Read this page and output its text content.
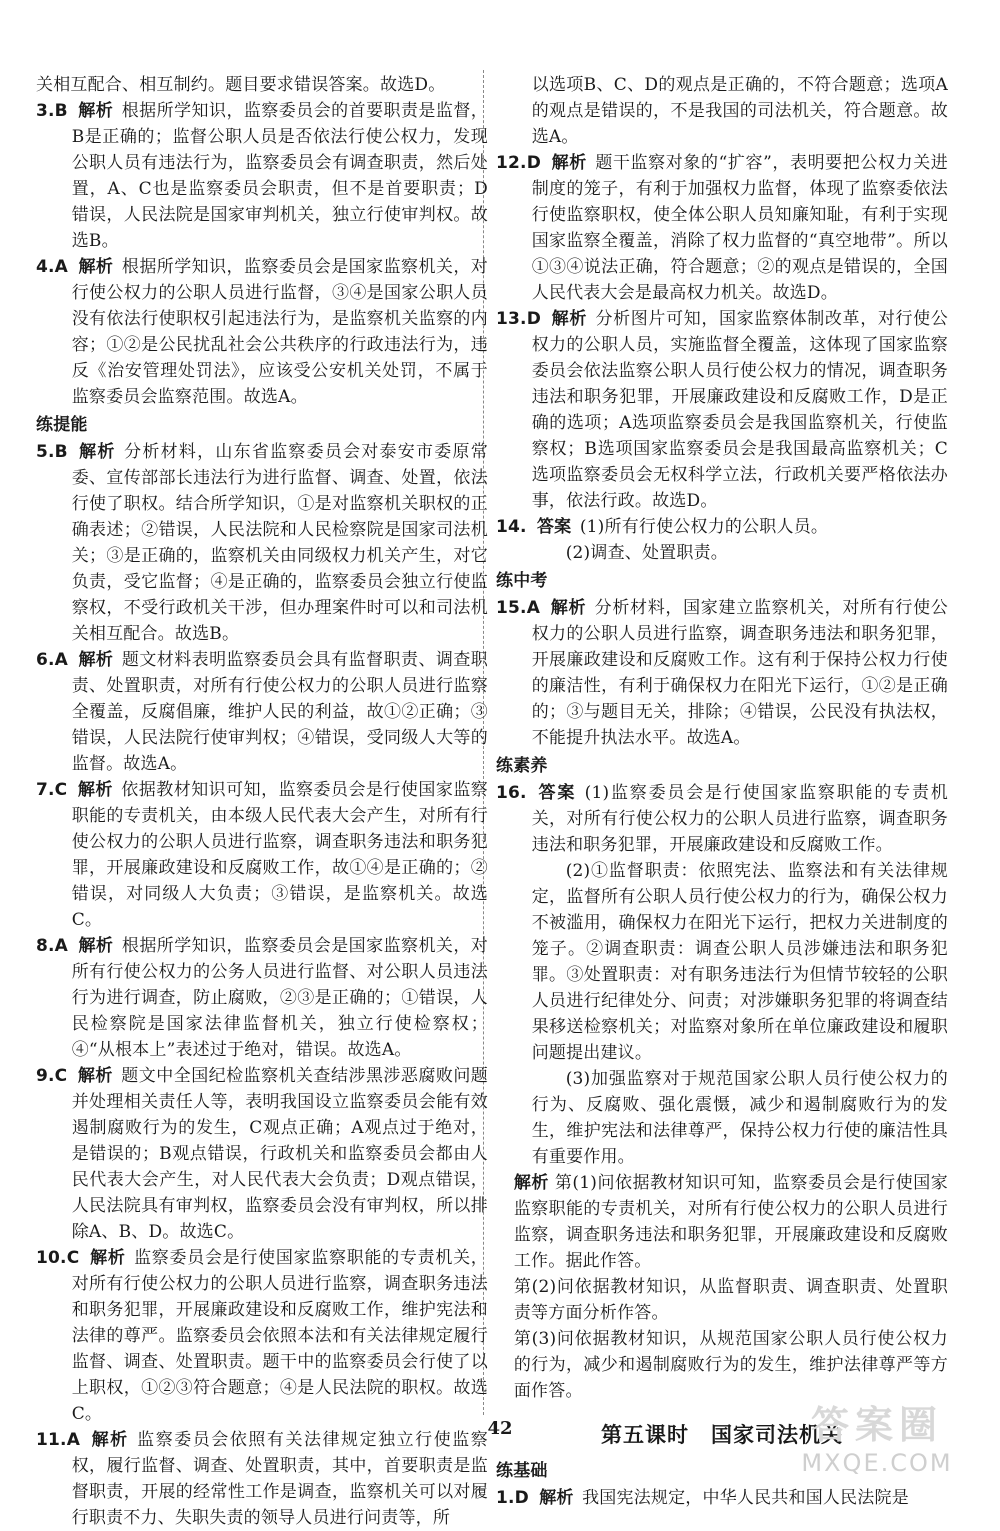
关相互配合、相互制约。题目要求错误答案。故选D。

3.B 解析 根据所学知识，监察委员会的首要职责是监督，B是正确的；监督公职人员是否依法行使公权力，发现公职人员有违法行为，监察委员会有调查职责，然后处置，A、C也是监察委员会职责，但不是首要职责；D错误，人民法院是国家审判机关，独立行使审判权。故选B。

4.A 解析 根据所学知识，监察委员会是国家监察机关，对行使公权力的公职人员进行监督，③④是国家公职人员没有依法行使职权引起违法行为，是监察机关监察的内容；①②是公民扰乱社会公共秩序的行政违法行为，违反《治安管理处罚法》，应该受公安机关处罚，不属于监察委员会监察范围。故选A。

练提能

5.B 解析 分析材料，山东省监察委员会对泰安市委原常委、宣传部部长违法行为进行监督、调查、处置，依法行使了职权。结合所学知识，①是对监察机关职权的正确表述；②错误，人民法院和人民检察院是国家司法机关；③是正确的，监察机关由同级权力机关产生，对它负责，受它监督；④是正确的，监察委员会独立行使监察权，不受行政机关干涉，但办理案件时可以和司法机关相互配合。故选B。

6.A 解析 题文材料表明监察委员会具有监督职责、调查职责、处置职责，对所有行使公权力的公职人员进行监察全覆盖，反腐倡廉，维护人民的利益，故①②正确；③错误，人民法院行使审判权；④错误，受同级人大等的监督。故选A。

7.C 解析 依据教材知识可知，监察委员会是行使国家监察职能的专责机关，由本级人民代表大会产生，对所有行使公权力的公职人员进行监察，调查职务违法和职务犯罪，开展廉政建设和反腐败工作，故①④是正确的；②错误，对同级人大负责；③错误，是监察机关。故选C。

8.A 解析 根据所学知识，监察委员会是国家监察机关，对所有行使公权力的公务人员进行监督、对公职人员违法行为进行调查，防止腐败，②③是正确的；①错误，人民检察院是国家法律监督机关，独立行使检察权；④“从根本上”表述过于绝对，错误。故选A。

9.C 解析 题文中全国纪检监察机关查结涉黑涉恶腐败问题并处理相关责任人等，表明我国设立监察委员会能有效遏制腐败行为的发生，C观点正确；A观点过于绝对，是错误的；B观点错误，行政机关和监察委员会都由人民代表大会产生，对人民代表大会负责；D观点错误，人民法院具有审判权，监察委员会没有审判权，所以排除A、B、D。故选C。

10.C 解析 监察委员会是行使国家监察职能的专责机关，对所有行使公权力的公职人员进行监察，调查职务违法和职务犯罪，开展廉政建设和反腐败工作，维护宪法和法律的尊严。监察委员会依照本法和有关法律规定履行监督、调查、处置职责。题干中的监察委员会行使了以上职权，①②③符合题意；④是人民法院的职权。故选C。

11.A 解析 监察委员会依照有关法律规定独立行使监察权，履行监督、调查、处置职责，其中，首要职责是监督职责，开展的经常性工作是调查，监察机关可以对履行职责不力、失职失责的领导人员进行问责等，所

以选项B、C、D的观点是正确的，不符合题意；选项A的观点是错误的，不是我国的司法机关，符合题意。故选A。

12.D 解析 题干监察对象的“扩容”，表明要把公权力关进制度的笼子，有利于加强权力监督，体现了监察委依法行使监察职权，使全体公职人员知廉知耻，有利于实现国家监察全覆盖，消除了权力监督的“真空地带”。所以①③④说法正确，符合题意；②的观点是错误的，全国人民代表大会是最高权力机关。故选D。

13.D 解析 分析图片可知，国家监察体制改革，对行使公权力的公职人员，实施监督全覆盖，这体现了国家监察委员会依法监察公职人员行使公权力的情况，调查职务违法和职务犯罪，开展廉政建设和反腐败工作，D是正确的选项；A选项监察委员会是我国监察机关，行使监察权；B选项国家监察委员会是我国最高监察机关；C选项监察委员会无权科学立法，行政机关要严格依法办事，依法行政。故选D。

14. 答案 (1)所有行使公权力的公职人员。

(2)调查、处置职责。

练中考

15.A 解析 分析材料，国家建立监察机关，对所有行使公权力的公职人员进行监察，调查职务违法和职务犯罪，开展廉政建设和反腐败工作。这有利于保持公权力行使的廉洁性，有利于确保权力在阳光下运行，①②是正确的；③与题目无关，排除；④错误，公民没有执法权，不能提升执法水平。故选A。

练素养

16. 答案 (1)监察委员会是行使国家监察职能的专责机关，对所有行使公权力的公职人员进行监察，调查职务违法和职务犯罪，开展廉政建设和反腐败工作。

(2)①监督职责：依照宪法、监察法和有关法律规定，监督所有公职人员行使公权力的行为，确保公权力不被滥用，确保权力在阳光下运行，把权力关进制度的笼子。②调查职责：调查公职人员涉嫌违法和职务犯罪。③处置职责：对有职务违法行为但情节较轻的公职人员进行纪律处分、问责；对涉嫌职务犯罪的将调查结果移送检察机关；对监察对象所在单位廉政建设和履职问题提出建议。

(3)加强监察对于规范国家公职人员行使公权力的行为、反腐败、强化震慑，减少和遏制腐败行为的发生，维护宪法和法律尊严，保持公权力行使的廉洁性具有重要作用。

解析 第(1)问依据教材知识可知，监察委员会是行使国家监察职能的专责机关，对所有行使公权力的公职人员进行监察，调查职务违法和职务犯罪，开展廉政建设和反腐败工作。据此作答。

第(2)问依据教材知识，从监督职责、调查职责、处置职责等方面分析作答。

第(3)问依据教材知识，从规范国家公职人员行使公权力的行为，减少和遏制腐败行为的发生，维护法律尊严等方面作答。

第五课时　国家司法机关
练基础

1.D 解析 我国宪法规定，中华人民共和国人民法院是

42	答案圈
MXQE.COM
